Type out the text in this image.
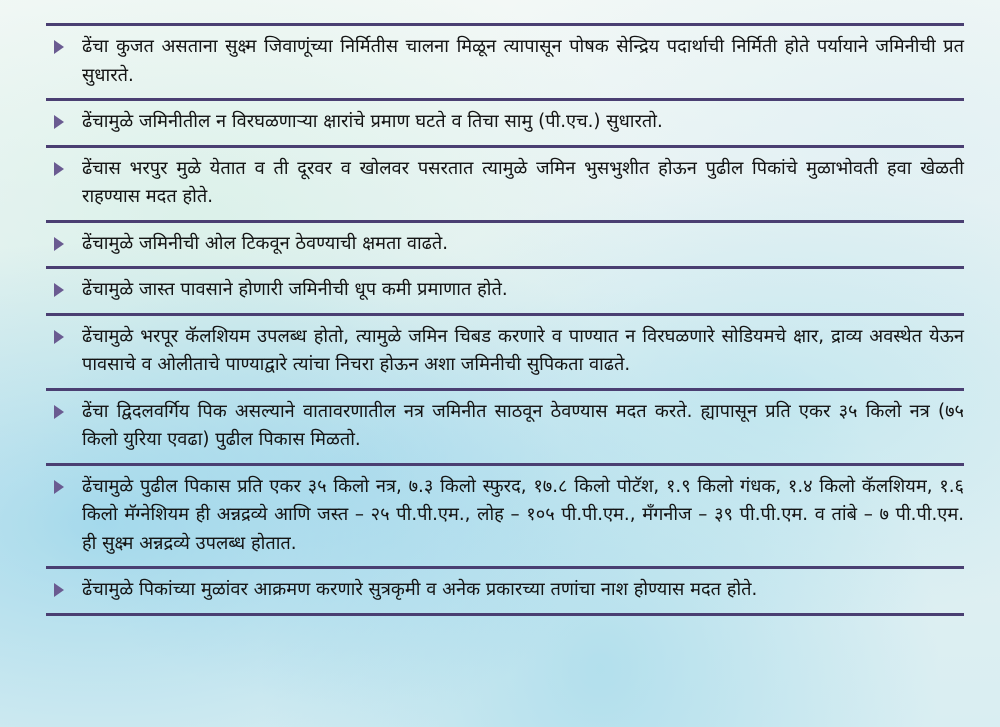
ढेंचा कुजत असताना सुक्ष्म जिवाणूंच्या निर्मितीस चालना मिळून त्यापासून पोषक सेन्द्रिय पदार्थाची निर्मिती होते पर्यायाने जमिनीची प्रत सुधारते.
ढेंचामुळे जमिनीतील न विरघळणाऱ्या क्षारांचे प्रमाण घटते व तिचा सामु (पी.एच.) सुधारतो.
ढेंचास भरपुर मुळे येतात व ती दूरवर व खोलवर पसरतात त्यामुळे जमिन भुसभुशीत होऊन पुढील पिकांचे मुळाभोवती हवा खेळती राहण्यास मदत होते.
ढेंचामुळे जमिनीची ओल टिकवून ठेवण्याची क्षमता वाढते.
ढेंचामुळे जास्त पावसाने होणारी जमिनीची धूप कमी प्रमाणात होते.
ढेंचामुळे भरपूर कॅलशियम उपलब्ध होतो, त्यामुळे जमिन चिबड करणारे व पाण्यात न विरघळणारे सोडियमचे क्षार, द्राव्य अवस्थेत येऊन पावसाचे व ओलीताचे पाण्याद्वारे त्यांचा निचरा होऊन अशा जमिनीची सुपिकता वाढते.
ढेंचा द्विदलवर्गिय पिक असल्याने वातावरणातील नत्र जमिनीत साठवून ठेवण्यास मदत करते. ह्यापासून प्रति एकर ३५ किलो नत्र (७५ किलो युरिया एवढा) पुढील पिकास मिळतो.
ढेंचामुळे पुढील पिकास प्रति एकर ३५ किलो नत्र, ७.३ किलो स्फुरद, १७.८ किलो पोटॅश, १.९ किलो गंधक, १.४ किलो कॅलशियम, १.६ किलो मॅग्नेशियम ही अन्नद्रव्ये आणि जस्त – २५ पी.पी.एम., लोह – १०५ पी.पी.एम., मॅंगनीज – ३९ पी.पी.एम. व तांबे – ७ पी.पी.एम. ही सुक्ष्म अन्नद्रव्ये उपलब्ध होतात.
ढेंचामुळे पिकांच्या मुळांवर आक्रमण करणारे सुत्रकृमी व अनेक प्रकारच्या तणांचा नाश होण्यास मदत होते.
